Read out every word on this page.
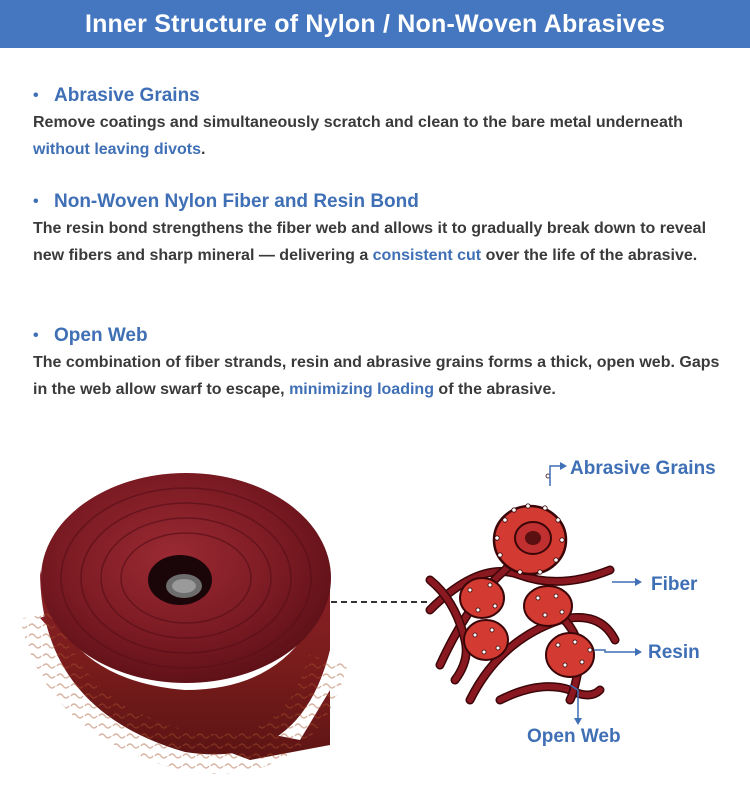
Inner Structure of Nylon / Non-Woven Abrasives
• Abrasive Grains
Remove coatings and simultaneously scratch and clean to the bare metal underneath without leaving divots.
• Non-Woven Nylon Fiber and Resin Bond
The resin bond strengthens the fiber web and allows it to gradually break down to reveal new fibers and sharp mineral — delivering a consistent cut over the life of the abrasive.
• Open Web
The combination of fiber strands, resin and abrasive grains forms a thick, open web. Gaps in the web allow swarf to escape, minimizing loading of the abrasive.
Abrasive Grains
Fiber
Resin
Open Web
